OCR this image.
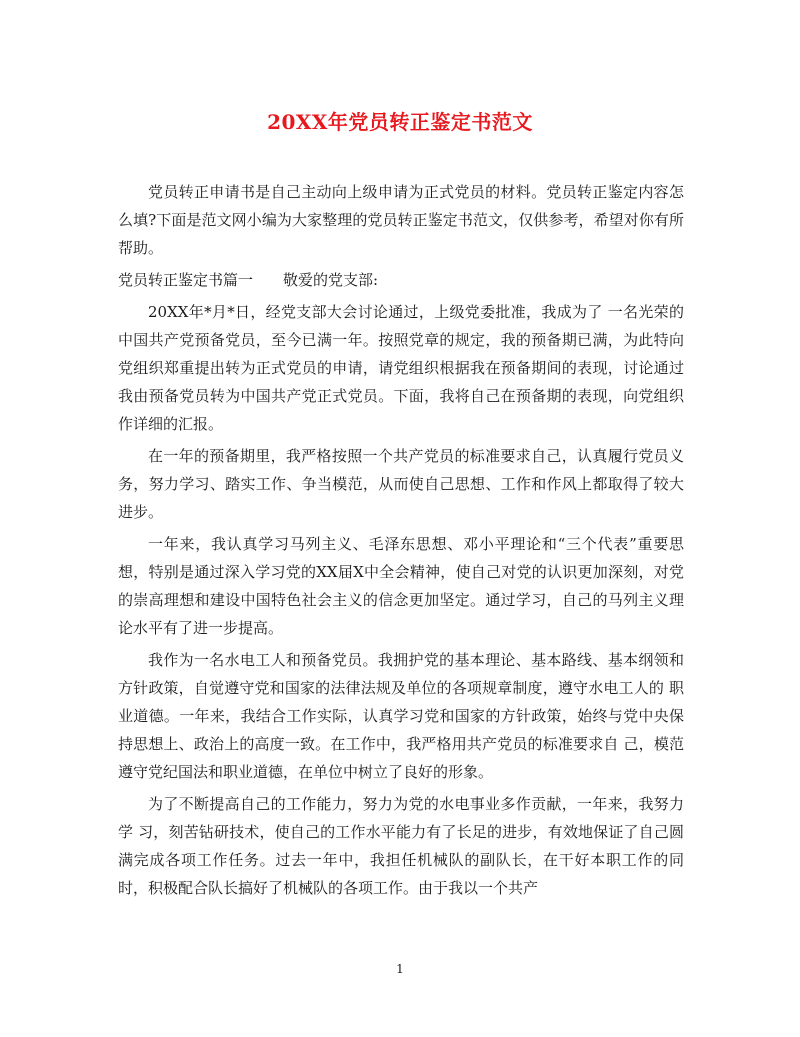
20XX年党员转正鉴定书范文

党员转正申请书是自己主动向上级申请为正式党员的材料。党员转正鉴定内容怎么填?下面是范文网小编为大家整理的党员转正鉴定书范文，仅供参考，希望对你有所帮助。

党员转正鉴定书篇一　　敬爱的党支部:

20XX年*月*日，经党支部大会讨论通过，上级党委批准，我成为了 一名光荣的中国共产党预备党员，至今已满一年。按照党章的规定，我的预备期已满，为此特向党组织郑重提出转为正式党员的申请，请党组织根据我在预备期间的表现，讨论通过我由预备党员转为中国共产党正式党员。下面，我将自己在预备期的表现，向党组织作详细的汇报。

在一年的预备期里，我严格按照一个共产党员的标准要求自己，认真履行党员义务，努力学习、踏实工作、争当模范，从而使自己思想、工作和作风上都取得了较大进步。

一年来，我认真学习马列主义、毛泽东思想、邓小平理论和“三个代表”重要思想，特别是通过深入学习党的XX届X中全会精神，使自己对党的认识更加深刻，对党的崇高理想和建设中国特色社会主义的信念更加坚定。通过学习，自己的马列主义理论水平有了进一步提高。

我作为一名水电工人和预备党员。我拥护党的基本理论、基本路线、基本纲领和方针政策，自觉遵守党和国家的法律法规及单位的各项规章制度，遵守水电工人的 职业道德。一年来，我结合工作实际，认真学习党和国家的方针政策，始终与党中央保持思想上、政治上的高度一致。在工作中，我严格用共产党员的标准要求自 己，模范遵守党纪国法和职业道德，在单位中树立了良好的形象。

为了不断提高自己的工作能力，努力为党的水电事业多作贡献，一年来，我努力学 习，刻苦钻研技术，使自己的工作水平能力有了长足的进步，有效地保证了自己圆满完成各项工作任务。过去一年中，我担任机械队的副队长，在干好本职工作的同 时，积极配合队长搞好了机械队的各项工作。由于我以一个共产

1
